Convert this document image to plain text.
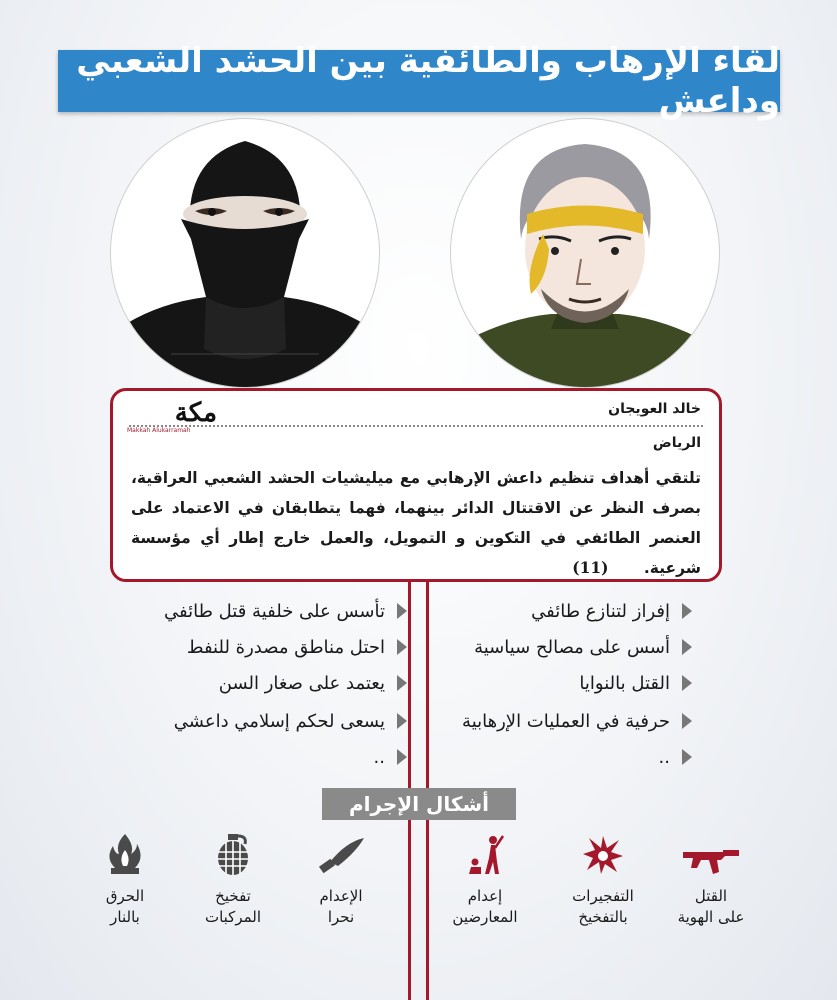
لقاء الإرهاب والطائفية بين الحشد الشعبي وداعش
مكة
Makkah Alukarramah
خالد العويجان
الرياض
تلتقي أهداف تنظيم داعش الإرهابي مع ميليشيات الحشد الشعبي العراقية، بصرف النظر عن الاقتتال الدائر بينهما، فهما يتطابقان في الاعتماد على العنصر الطائفي في التكوين و التمويل، والعمل خارج إطار أي مؤسسة شرعية. (11)
تأسس على خلفية قتل طائفي
احتل مناطق مصدرة للنفط
يعتمد على صغار السن
يسعى لحكم إسلامي داعشي
..
إفراز لتنازع طائفي
أسس على مصالح سياسية
القتل بالنوايا
حرفية في العمليات الإرهابية
..
أشكال الإجرام
الحرق
بالنار
تفخيخ
المركبات
الإعدام
نحرا
إعدام
المعارضين
التفجيرات
بالتفخيخ
القتل
على الهوية
